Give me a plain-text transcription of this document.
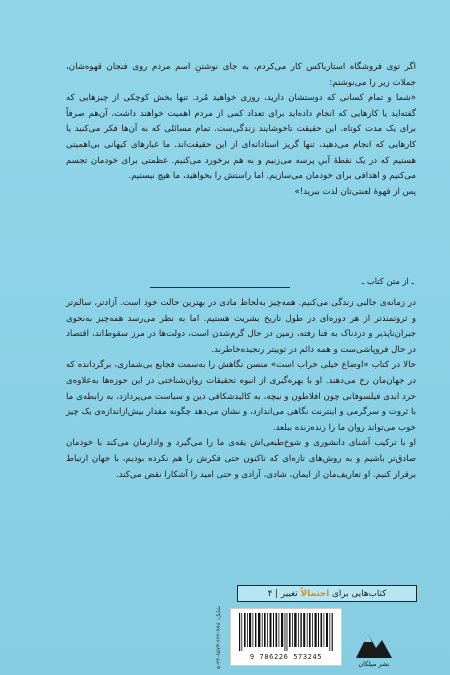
اگر توی فروشگاه استارباکس کار می‌کردم، به جای نوشتنِ اسم مردم روی فنجان قهوه‌شان، جملات زیر را می‌نوشتم:

«شما و تمام کسانی که دوستشان دارید، روزی خواهید مُرد. تنها بخش کوچکی از چیزهایی که گفته‌اید یا کارهایی که انجام داده‌اید برای تعداد کمی از مردم اهمیت خواهند داشت، آن‌هم صرفاً برای یک مدت کوتاه. این حقیقت ناخوشایند زندگی‌ست. تمام مسائلی که به آن‌ها فکر می‌کنید یا کارهایی که انجام می‌دهید، تنها گریز استادانه‌ای از این حقیقت‌اند. ما غبارهای کیهانی بی‌اهمیتی هستیم که در یک نقطهٔ آبیِ پرسه می‌زنیم و به هم برخورد می‌کنیم. عظمتی برای خودمان تجسم می‌کنیم و اهدافی برای خودمان می‌سازیم. اما راستش را بخواهید، ما هیچ نیستیم.

پس از قهوهٔ لعنتی‌تان لذت ببرید!»

ـ از متن کتاب ـ

در زمانه‌ی جالبی زندگی می‌کنیم. همه‌چیز به‌لحاظ مادی در بهترین حالت خود است. آزادتر، سالم‌تر و ثروتمندتر از هر دوره‌ای در طول تاریخ بشریت هستیم. اما به نظر می‌رسد همه‌چیز به‌نحوی جبران‌ناپذیر و دردناک به فنا رفته، زمین در حال گرم‌شدن است، دولت‌ها در مرز سقوط‌اند، اقتصاد در حال فروپاشی‌ست و همه دائم در توییتر رنجیده‌خاطرند.

حالا در کتاب «اوضاع خیلی خراب است» منسن نگاهش را به‌سمت فجایع بی‌شماری، برگردانده که در جهان‌مان رخ می‌دهند. او با بهره‌گیری از انبوه تحقیقات روان‌شناختی در این حوزه‌ها به‌علاوه‌ی خرد ابدی فیلسوفانی چون افلاطون و نیچه، به کالبدشکافی دین و سیاست می‌پردازد، به رابطه‌ی ما با ثروت و سرگرمی و اینترنت نگاهی می‌اندازد، و نشان می‌دهد چگونه مقدار بیش‌ازاندازه‌ی یک چیز خوب می‌تواند روان ما را زنده‌زنده ببلعد.

او با ترکیب آشنای دانشوری و شوخ‌طبعی‌اش یقه‌ی ما را می‌گیرد و وادارمان می‌کند با خودمان صادق‌تر باشیم و به روش‌های تازه‌ای که تاکنون حتی فکرش را هم نکرده بودیم، با جهان ارتباط برقرار کنیم. او تعاریف‌مان از ایمان، شادی، آزادی و حتی امید را آشکارا نقض می‌کند.

کتاب‌هایی برای احتمالاً تغییر | ۴
شابک: ۹۷۸-۶۲۲-۶۵۷۳-۲۴-۵
9 786226 573245
نشر میلکان
